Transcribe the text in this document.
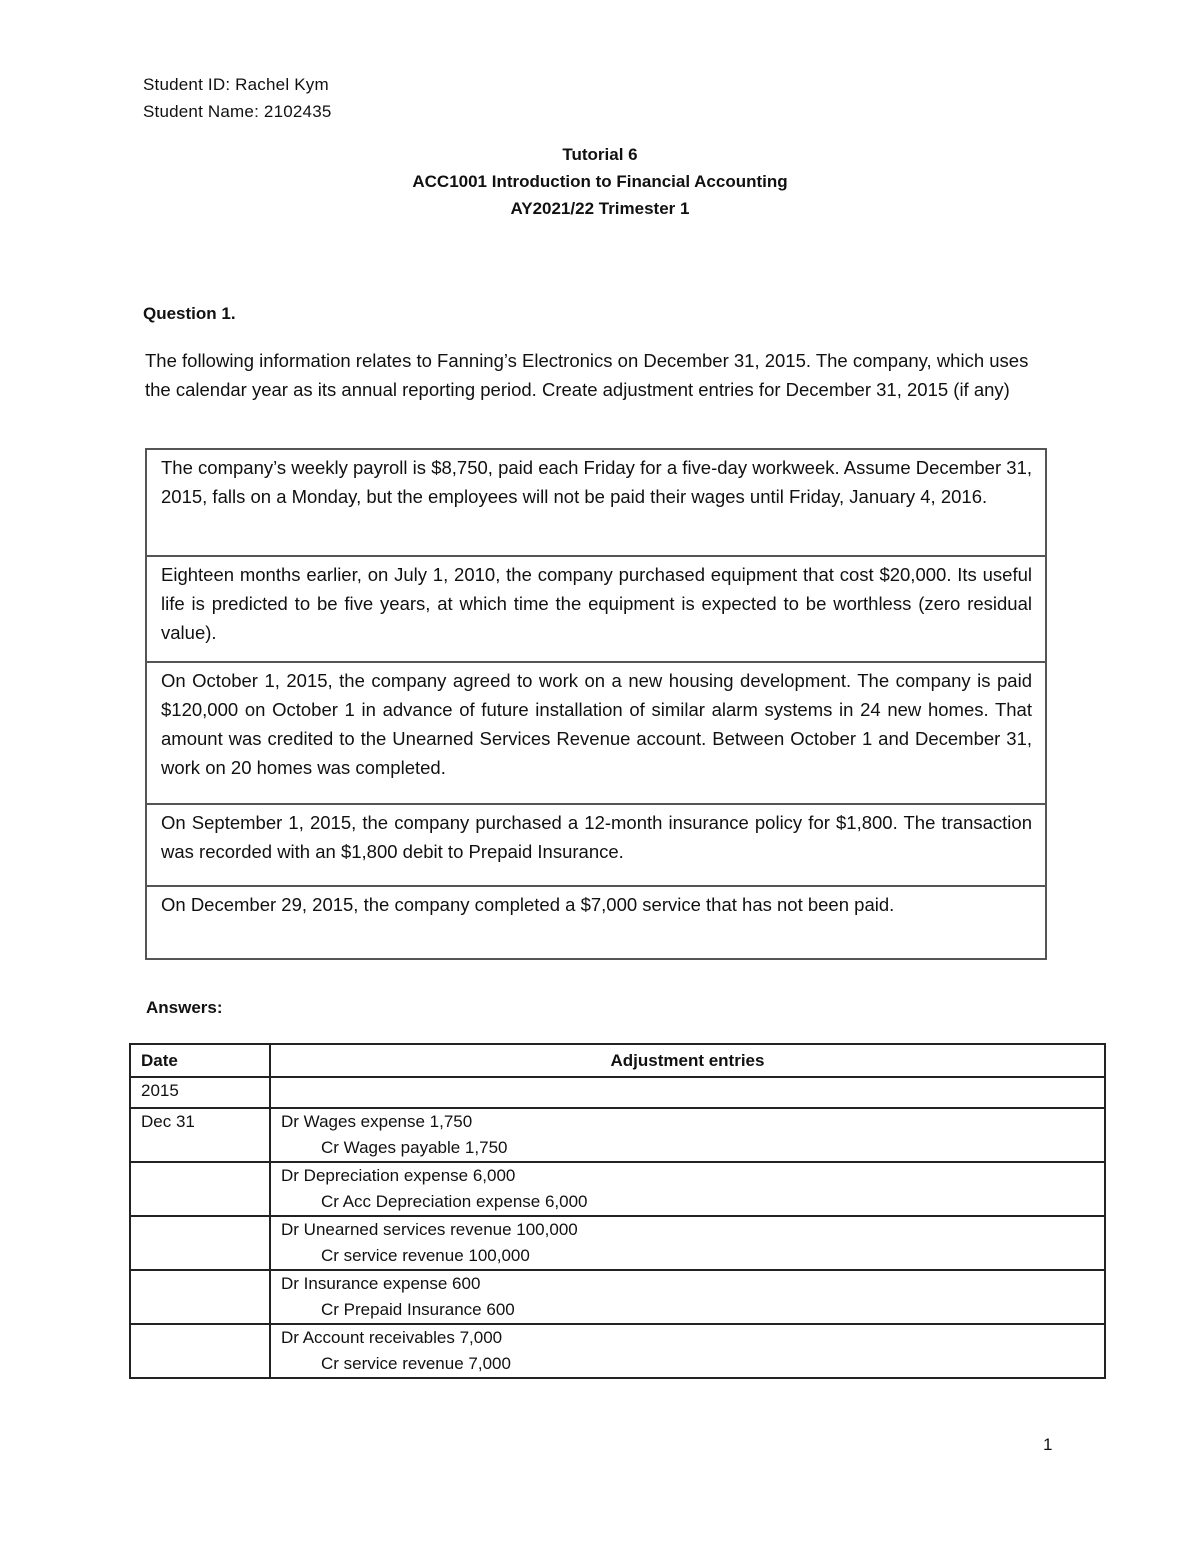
Student ID: Rachel Kym
Student Name: 2102435
Tutorial 6
ACC1001 Introduction to Financial Accounting
AY2021/22 Trimester 1
Question 1.

The following information relates to Fanning’s Electronics on December 31, 2015. The company, which uses the calendar year as its annual reporting period. Create adjustment entries for December 31, 2015 (if any)

The company’s weekly payroll is $8,750, paid each Friday for a five-day workweek. Assume December 31, 2015, falls on a Monday, but the employees will not be paid their wages until Friday, January 4, 2016.
Eighteen months earlier, on July 1, 2010, the company purchased equipment that cost $20,000. Its useful life is predicted to be five years, at which time the equipment is expected to be worthless (zero residual value).
On October 1, 2015, the company agreed to work on a new housing development. The company is paid $120,000 on October 1 in advance of future installation of similar alarm systems in 24 new homes. That amount was credited to the Unearned Services Revenue account. Between October 1 and December 31, work on 20 homes was completed.
On September 1, 2015, the company purchased a 12-month insurance policy for $1,800. The transaction was recorded with an $1,800 debit to Prepaid Insurance.
On December 29, 2015, the company completed a $7,000 service that has not been paid.
Answers:
Date	Adjustment entries
2015	
Dec 31	Dr Wages expense 1,750
Cr Wages payable 1,750

	Dr Depreciation expense 6,000
Cr Acc Depreciation expense 6,000

	Dr Unearned services revenue 100,000
Cr service revenue 100,000

	Dr Insurance expense 600
Cr Prepaid Insurance 600

	Dr Account receivables 7,000
Cr service revenue 7,000
1
